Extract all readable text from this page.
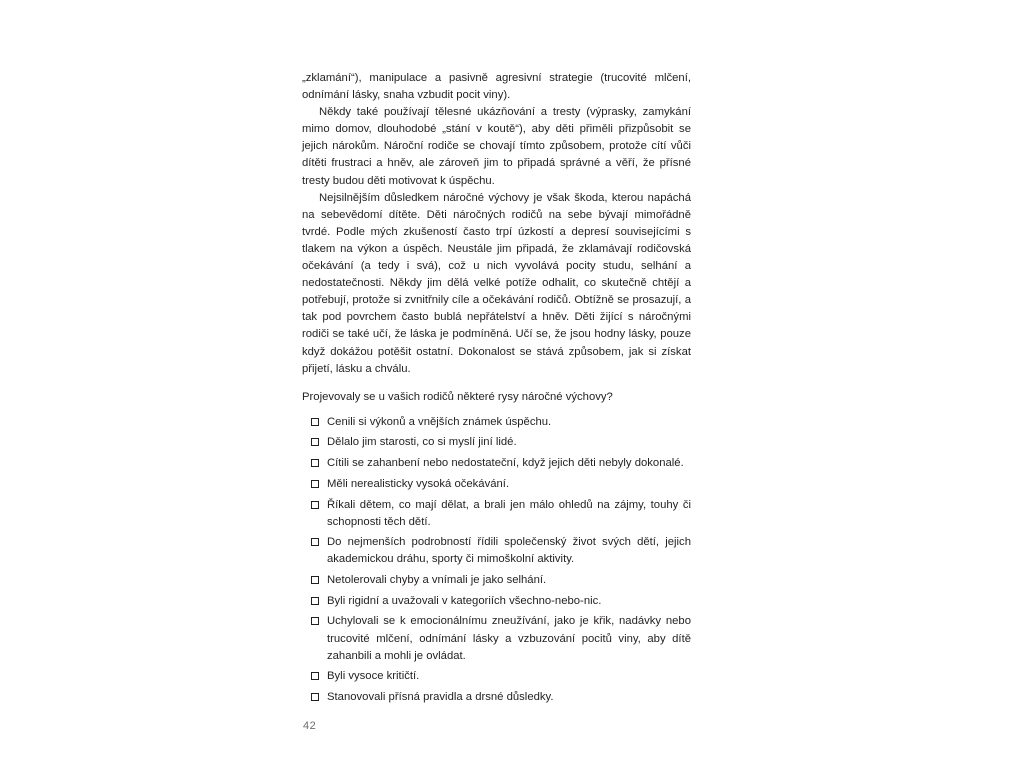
„zklamání“), manipulace a pasivně agresivní strategie (trucovité mlčení, odnímání lásky, snaha vzbudit pocit viny).

Někdy také používají tělesné ukázňování a tresty (výprasky, zamykání mimo domov, dlouhodobé „stání v koutě“), aby děti přiměli přizpůsobit se jejich nárokům. Nároční rodiče se chovají tímto způsobem, protože cítí vůči dítěti frustraci a hněv, ale zároveň jim to připadá správné a věří, že přísné tresty budou děti motivovat k úspěchu.

Nejsilnějším důsledkem náročné výchovy je však škoda, kterou napáchá na sebevědomí dítěte. Děti náročných rodičů na sebe bývají mimořádně tvrdé. Podle mých zkušeností často trpí úzkostí a depresí souvisejícími s tlakem na výkon a úspěch. Neustále jim připadá, že zklamávají rodičovská očekávání (a tedy i svá), což u nich vyvolává pocity studu, selhání a nedostatečnosti. Někdy jim dělá velké potíže odhalit, co skutečně chtějí a potřebují, protože si zvnitřnily cíle a očekávání rodičů. Obtížně se prosazují, a tak pod povrchem často bublá nepřátelství a hněv. Děti žijící s náročnými rodiči se také učí, že láska je podmíněná. Učí se, že jsou hodny lásky, pouze když dokážou potěšit ostatní. Dokonalost se stává způsobem, jak si získat přijetí, lásku a chválu.

Projevovaly se u vašich rodičů některé rysy náročné výchovy?

Cenili si výkonů a vnějších známek úspěchu.
Dělalo jim starosti, co si myslí jiní lidé.
Cítili se zahanbení nebo nedostateční, když jejich děti nebyly dokonalé.
Měli nerealisticky vysoká očekávání.
Říkali dětem, co mají dělat, a brali jen málo ohledů na zájmy, touhy či schopnosti těch dětí.
Do nejmenších podrobností řídili společenský život svých dětí, jejich akademickou dráhu, sporty či mimoškolní aktivity.
Netolerovali chyby a vnímali je jako selhání.
Byli rigidní a uvažovali v kategoriích všechno-nebo-nic.
Uchylovali se k emocionálnímu zneužívání, jako je křik, nadávky nebo trucovité mlčení, odnímání lásky a vzbuzování pocitů viny, aby dítě zahanbili a mohli je ovládat.
Byli vysoce kritičtí.
Stanovovali přísná pravidla a drsné důsledky.
42
